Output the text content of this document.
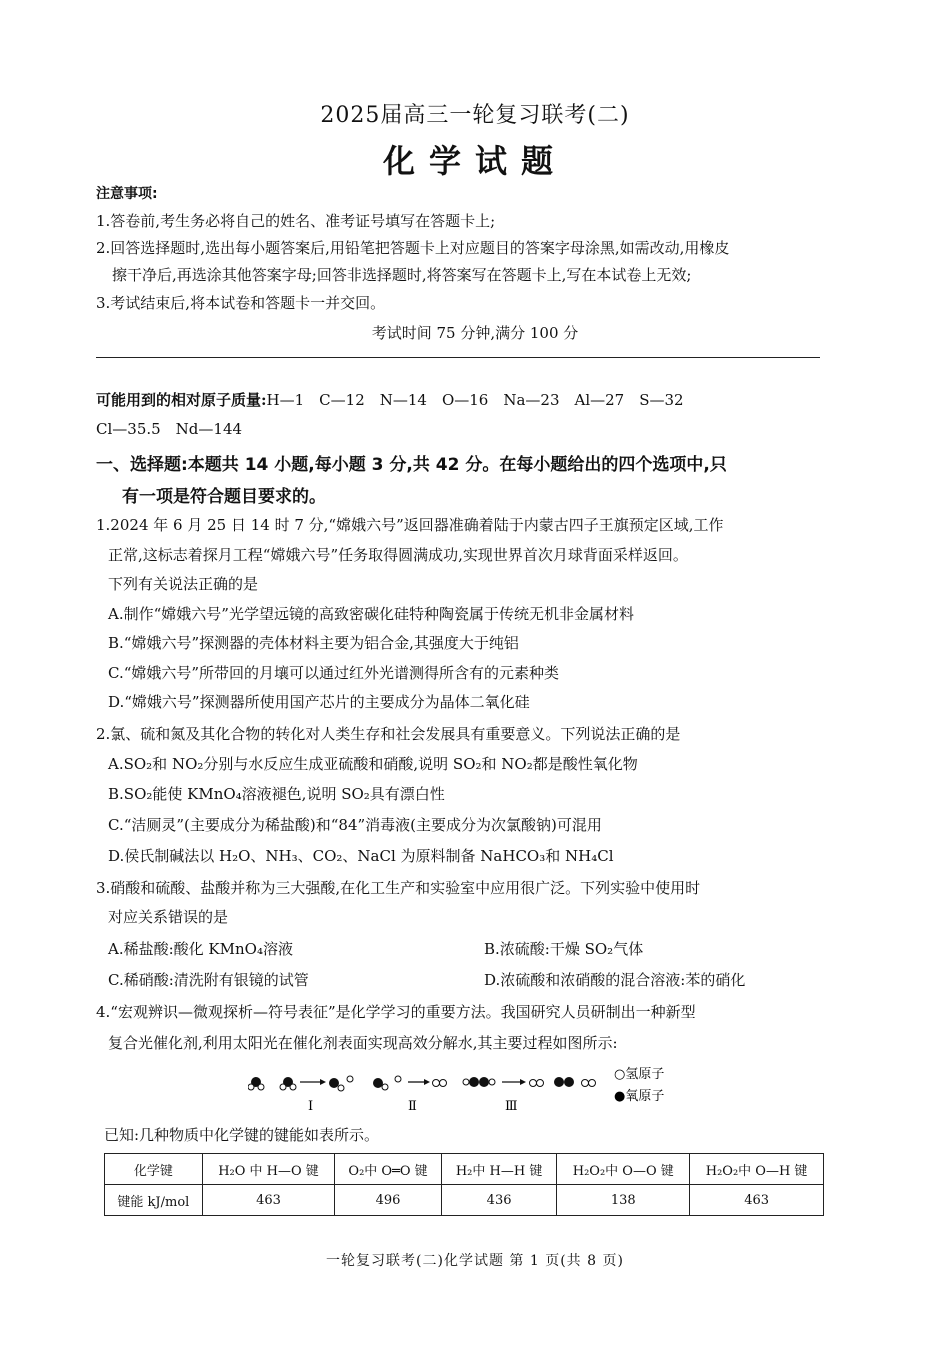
2025届高三一轮复习联考(二)
化学试题
注意事项:
1.答卷前,考生务必将自己的姓名、准考证号填写在答题卡上;
2.回答选择题时,选出每小题答案后,用铅笔把答题卡上对应题目的答案字母涂黑,如需改动,用橡皮
擦干净后,再选涂其他答案字母;回答非选择题时,将答案写在答题卡上,写在本试卷上无效;
3.考试结束后,将本试卷和答题卡一并交回。
考试时间 75 分钟,满分 100 分
可能用到的相对原子质量:H—1　C—12　N—14　O—16　Na—23　Al—27　S—32
Cl—35.5　Nd—144
一、选择题:本题共 14 小题,每小题 3 分,共 42 分。在每小题给出的四个选项中,只
有一项是符合题目要求的。
1.2024 年 6 月 25 日 14 时 7 分,“嫦娥六号”返回器准确着陆于内蒙古四子王旗预定区域,工作
正常,这标志着探月工程“嫦娥六号”任务取得圆满成功,实现世界首次月球背面采样返回。
下列有关说法正确的是
A.制作“嫦娥六号”光学望远镜的高致密碳化硅特种陶瓷属于传统无机非金属材料
B.“嫦娥六号”探测器的壳体材料主要为铝合金,其强度大于纯铝
C.“嫦娥六号”所带回的月壤可以通过红外光谱测得所含有的元素种类
D.“嫦娥六号”探测器所使用国产芯片的主要成分为晶体二氧化硅
2.氯、硫和氮及其化合物的转化对人类生存和社会发展具有重要意义。下列说法正确的是
A.SO₂和 NO₂分别与水反应生成亚硫酸和硝酸,说明 SO₂和 NO₂都是酸性氧化物
B.SO₂能使 KMnO₄溶液褪色,说明 SO₂具有漂白性
C.“洁厕灵”(主要成分为稀盐酸)和“84”消毒液(主要成分为次氯酸钠)可混用
D.侯氏制碱法以 H₂O、NH₃、CO₂、NaCl 为原料制备 NaHCO₃和 NH₄Cl
3.硝酸和硫酸、盐酸并称为三大强酸,在化工生产和实验室中应用很广泛。下列实验中使用时
对应关系错误的是
A.稀盐酸:酸化 KMnO₄溶液	B.浓硫酸:干燥 SO₂气体
C.稀硝酸:清洗附有银镜的试管	D.浓硫酸和浓硝酸的混合溶液:苯的硝化
4.“宏观辨识—微观探析—符号表征”是化学学习的重要方法。我国研究人员研制出一种新型
复合光催化剂,利用太阳光在催化剂表面实现高效分解水,其主要过程如图所示:
Ⅰ	Ⅱ	Ⅲ
○氢原子
●氧原子
已知:几种物质中化学键的键能如表所示。
化学键	H₂O 中 H—O 键	O₂中 O═O 键	H₂中 H—H 键	H₂O₂中 O—O 键	H₂O₂中 O—H 键
键能 kJ/mol	463	496	436	138	463
一轮复习联考(二)化学试题 第 1 页(共 8 页)
